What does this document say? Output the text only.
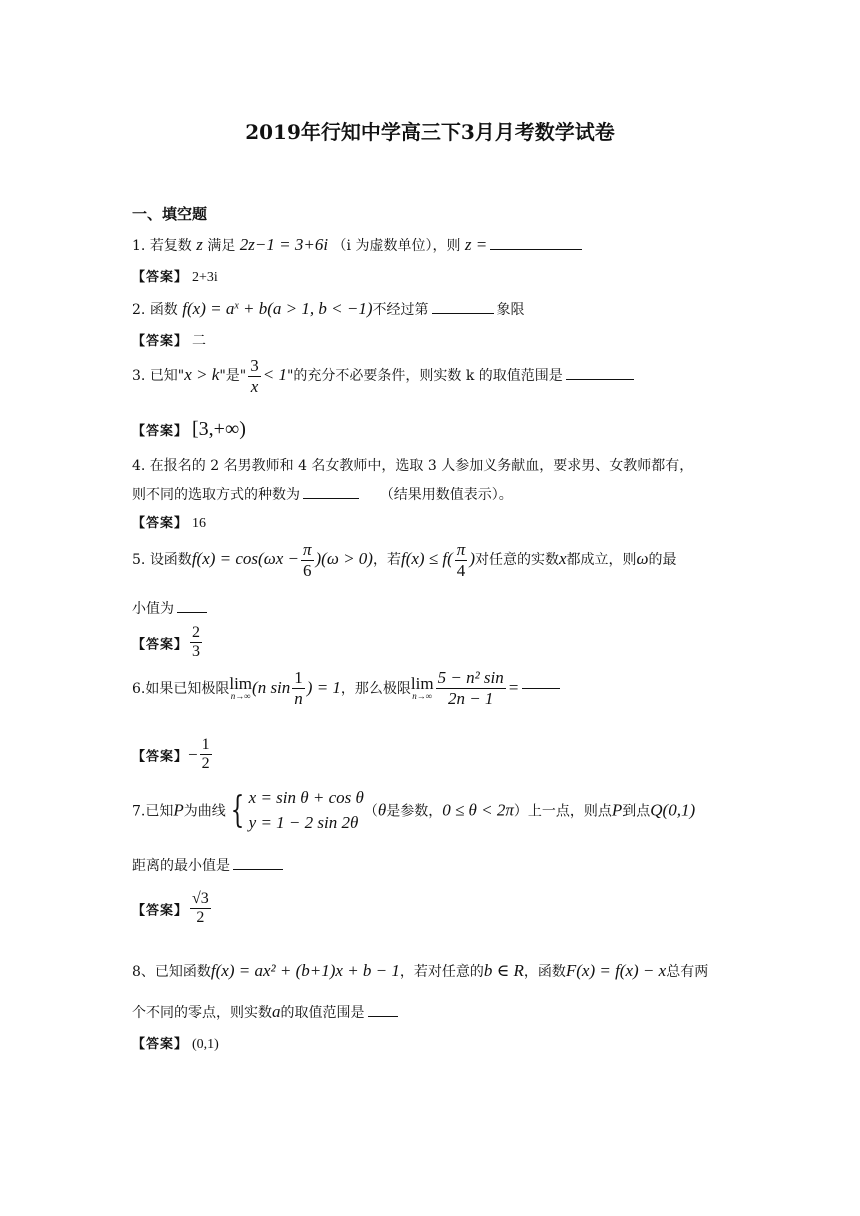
2019年行知中学高三下3月月考数学试卷
一、填空题
1. 若复数 z 满足 2z−1 = 3+6i （i 为虚数单位），则 z =
【答案】 2+3i
2. 函数 $f(x) = a^x + b(a > 1$, b < −1)不经过第	象限
【答案】 二
3. 已知"x > k"是" $\frac{3}{x} < 1$"的充分不必要条件，则实数 k 的取值范围是
【答案】 [3,+∞)
4. 在报名的 2 名男教师和 4 名女教师中，选取 3 人参加义务献血，要求男、女教师都有，
则不同的选取方式的种数为	（结果用数值表示）。
【答案】 16
5. 设函数$f(x) = \cos(\omega x - \frac{\pi}{6} )(\omega > 0)$，若$f(x) \le f( \frac{\pi}{4}$ )对任意的实数x都成立，则ω的最
小值为
【答案】 $\frac{2}{3}$
6.如果已知极限lim
n→∞ (n $\sin \frac{1}{n}$ ) = 1，那么极限lim
$n\to\infty \frac{\text{5 − n² sin}}{2n - 1}$ =
【答案】− $\frac{1}{2}$
7.已知P为曲线 { x = sin θ + cos θ
y = 1 − 2 sin 2θ
（θ是参数，0 ≤ θ < 2π）上一点，则点P到点Q(0,1)
距离的最小值是
【答案】 $\frac{√3}{2}$
8、已知函数f(x) = ax² + (b+1)x + b − 1，若对任意的b ∈ R，函数F(x) = f(x) − x总有两
个不同的零点，则实数a的取值范围是
【答案】 (0,1)
